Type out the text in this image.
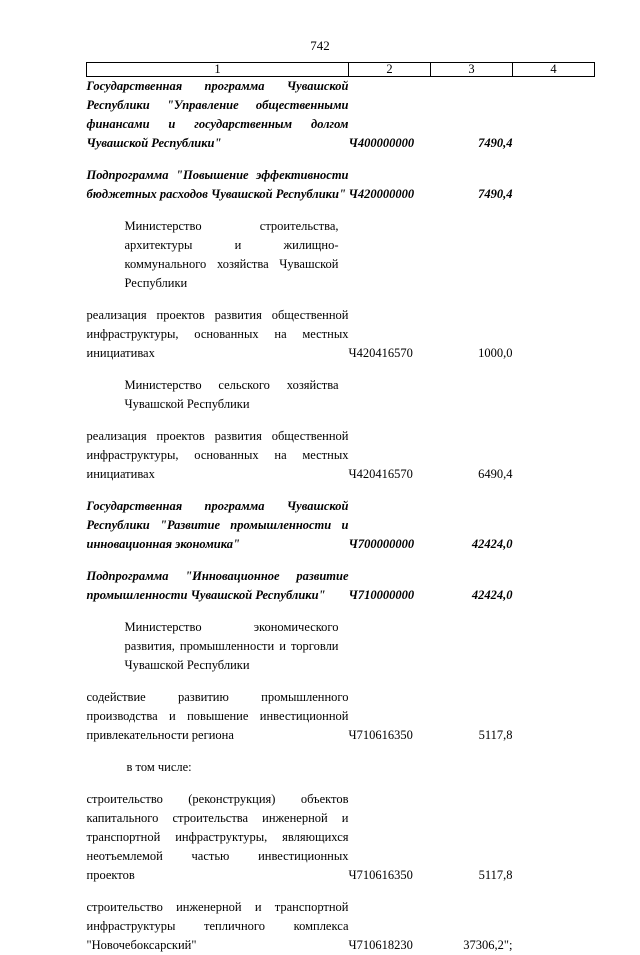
742
1	2	3	4
Государственная программа Чувашской Республики "Управление общественными финансами и государственным долгом Чувашской Республики"	Ч400000000	7490,4	

Подпрограмма "Повышение эффективности бюджетных расходов Чувашской Республики"	Ч420000000	7490,4	

Министерство строительства, архитектуры и жилищно-коммунального хозяйства Чувашской Республики			

реализация проектов развития общественной инфраструктуры, основанных на местных инициативах	Ч420416570	1000,0	

Министерство сельского хозяйства Чувашской Республики			

реализация проектов развития общественной инфраструктуры, основанных на местных инициативах	Ч420416570	6490,4	

Государственная программа Чувашской Республики "Развитие промышленности и инновационная экономика"	Ч700000000	42424,0	

Подпрограмма "Инновационное развитие промышленности Чувашской Республики"	Ч710000000	42424,0	

Министерство экономического развития, промышленности и торговли Чувашской Республики			

содействие развитию промышленного производства и повышение инвестиционной привлекательности региона	Ч710616350	5117,8	

в том числе:			

строительство (реконструкция) объектов капитального строительства инженерной и транспортной инфраструктуры, являющихся неотъемлемой частью инвестиционных проектов	Ч710616350	5117,8	

строительство инженерной и транспортной инфраструктуры тепличного комплекса "Новочебоксарский"	Ч710618230	37306,2";	
